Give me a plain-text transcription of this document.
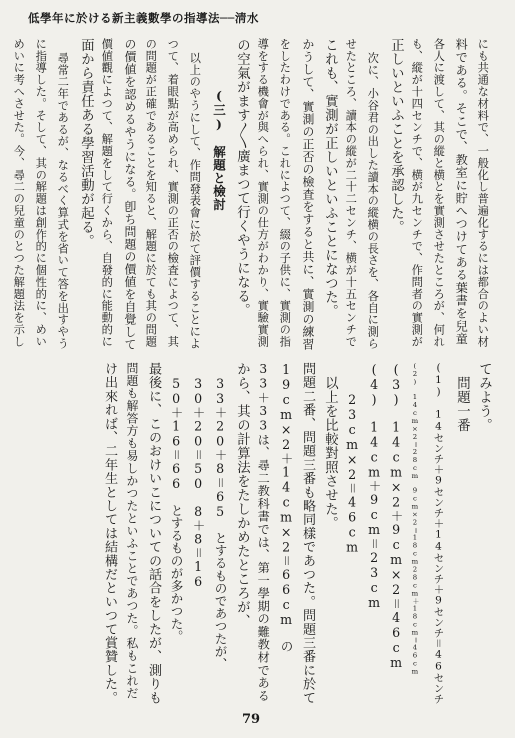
低學年に於ける新主義數學の指導法──淸水
にも共通な材料で、一般化し普遍化するには都合のよい材
料である。そこで、教室に貯へつけてある葉書を兒童
各人に渡して、其の縱と横とを實測させたところが、何れ
も、縱が十四センチで、横が九センチで、作問者の實測が
正しいといふことを承認した。
次に、小谷君の出した讀本の縱横の長さを、各自に測ら
せたところ、讀本の縱が二十二センチ、横が十五センチで
これも、實測が正しいといふことになつた。
かうして、實測の正否の檢査をすると共に、實測の練習
をしたわけである。これによつて、綴の子供に、實測の指
導をする機會が與へられ、實測の仕方がわかり、實驗實測
の空氣がます〳〵廣まつて行くやうになる。
(三)　解題と檢討
以上のやうにして、作問發表會に於て評價することによ
つて、着眼點が高められ、實測の正否の檢査によつて、其
の問題が正確であることを知ると、解題に於ても其の問題
の價値を認めるやうになる。卽ち問題の價値を自覺して
價値觀によつて、解題をして行くから、自發的に能動的に
面から責任ある學習活動が起る。
尋常二年であるが、なるべく算式を省いて答を出すやう
に指導した。そして、其の解題は創作的に個性的に、めい
めいに考へさせた。今、尋二の兒童のとつた解題法を示し
てみよう。
問題一番
(1)　14センチ＋9センチ＋14センチ＋9センチ＝46センチ
(2)　14cm×2＝28cm　9cm×2＝18cm28cm＋18cm＝46cm
(3)　14cm×2＋9cm×2＝46cm
(4)　14cm＋9cm＝23cm
23cm×2＝46cm
以上を比較對照させた。
問題二番、問題三番も略同樣であつた。問題三番に於て
19cm×2＋14cm×2＝66cm　の
33＋33は、尋二教科書では、第一學期の難教材である
から、其の計算法をたしかめたところが、
33＋20＋8＝65　とするものであつたが、
30＋20＝50　8＋8＝16
50＋16＝66　とするものが多かつた。
最後に、このおけいこについての話合をしたが、測りも
問題も解答方も易しかつたといふことであつた。私もこれだ
け出來れば、二年生としては結構だといつて賞贊した。
79
